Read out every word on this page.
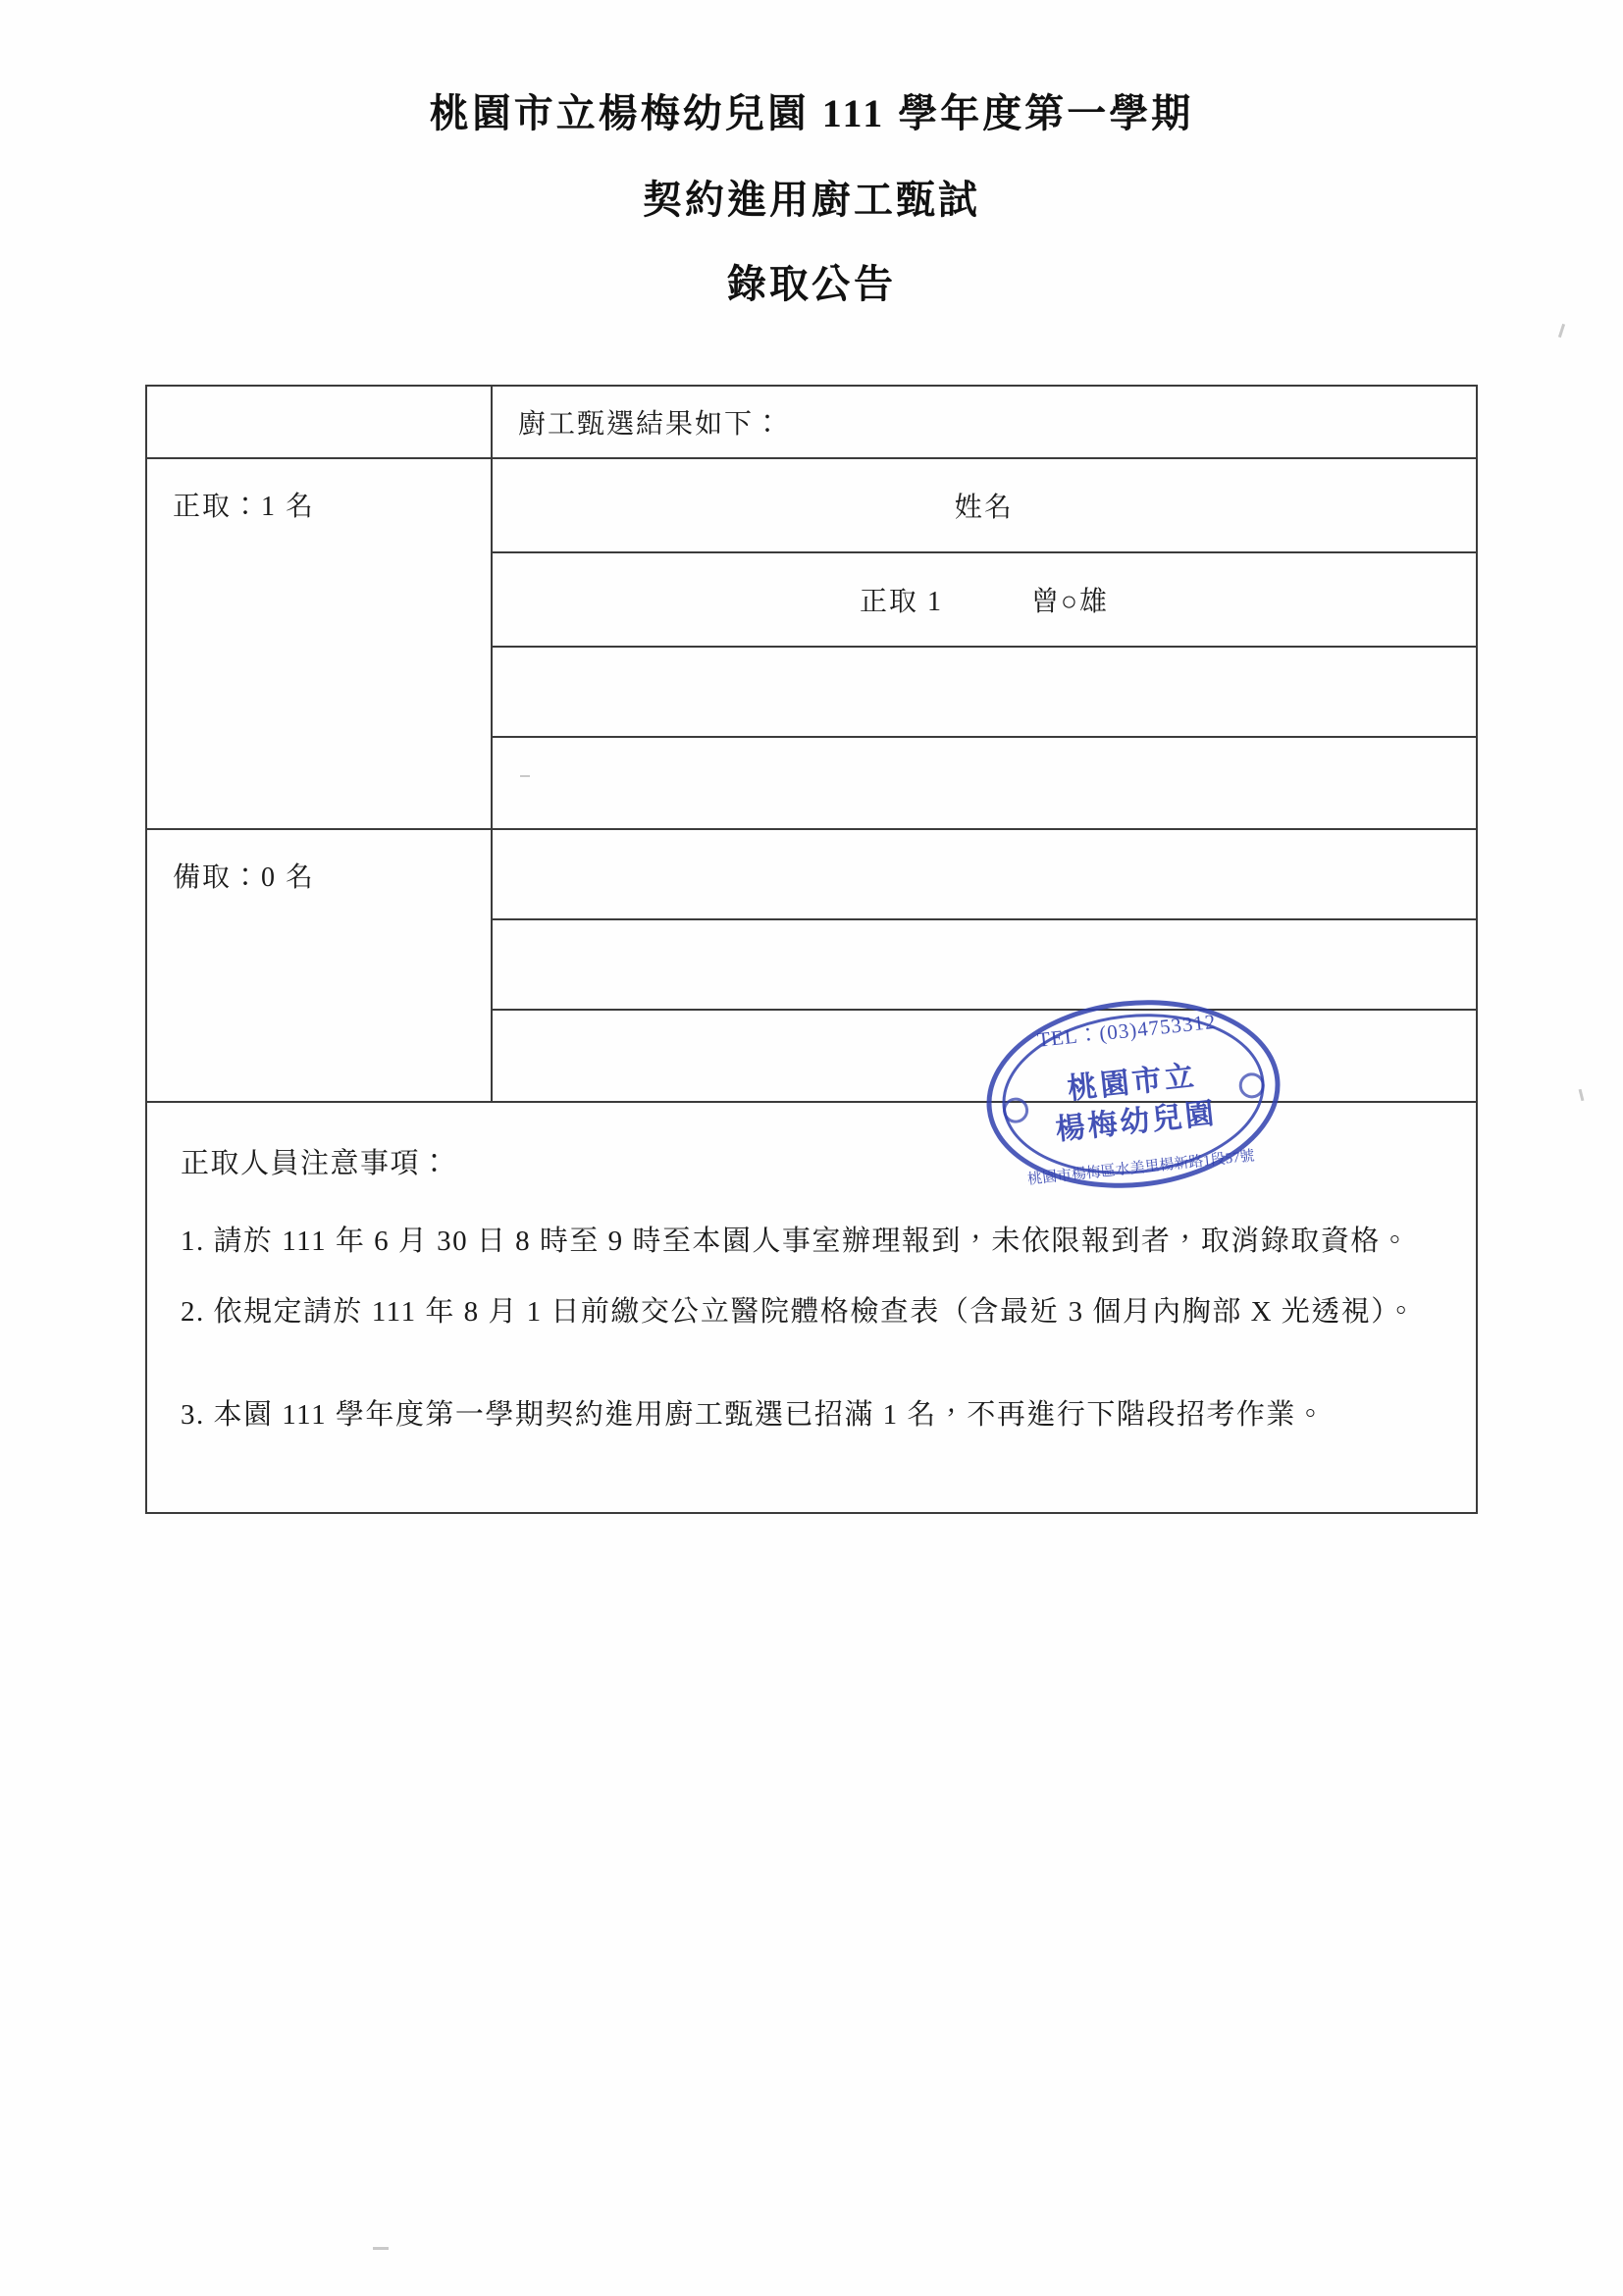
桃園市立楊梅幼兒園 111 學年度第一學期
契約進用廚工甄試
錄取公告
廚工甄選結果如下：
正取：1 名	姓名
正取 1	曾○雄
備取：0 名
正取人員注意事項：
1. 請於 111 年 6 月 30 日 8 時至 9 時至本園人事室辦理報到，未依限報到者，取消錄取資格。
2. 依規定請於 111 年 8 月 1 日前繳交公立醫院體格檢查表（含最近 3 個月內胸部 X 光透視）。
3. 本園 111 學年度第一學期契約進用廚工甄選已招滿 1 名，不再進行下階段招考作業。
TEL：(03)4753312
桃園市立
楊梅幼兒園
桃園市楊梅區水美里楊新路1段57號
